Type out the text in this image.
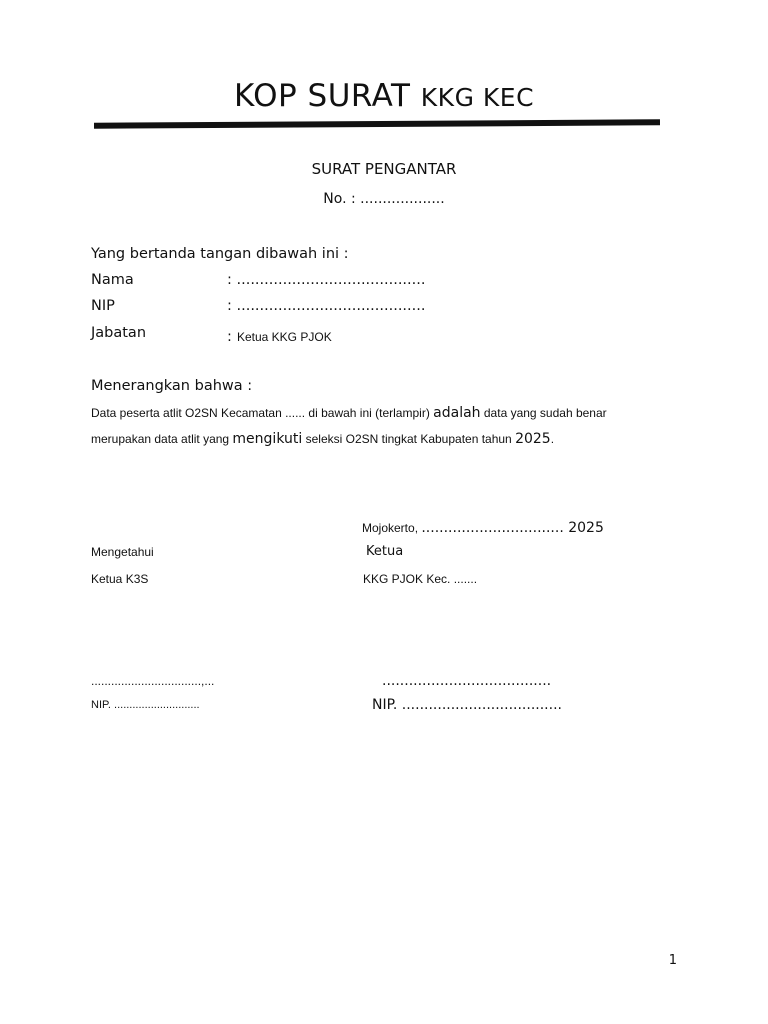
KOP SURAT KKG KEC
SURAT PENGANTAR
No. : ...................
Yang bertanda tangan dibawah ini :
Nama	: .........................................
NIP	: .........................................
Jabatan	: Ketua KKG PJOK
Menerangkan bahwa :
Data peserta atlit O2SN Kecamatan ...... di bawah ini (terlampir) adalah data yang sudah benar
merupakan data atlit yang mengikuti seleksi O2SN tingkat Kabupaten tahun 2025.
Mojokerto, ................................ 2025
Mengetahui	Ketua
Ketua K3S	KKG PJOK Kec. .......
.................................,...	......................................
NIP. ............................	NIP. ....................................
1
